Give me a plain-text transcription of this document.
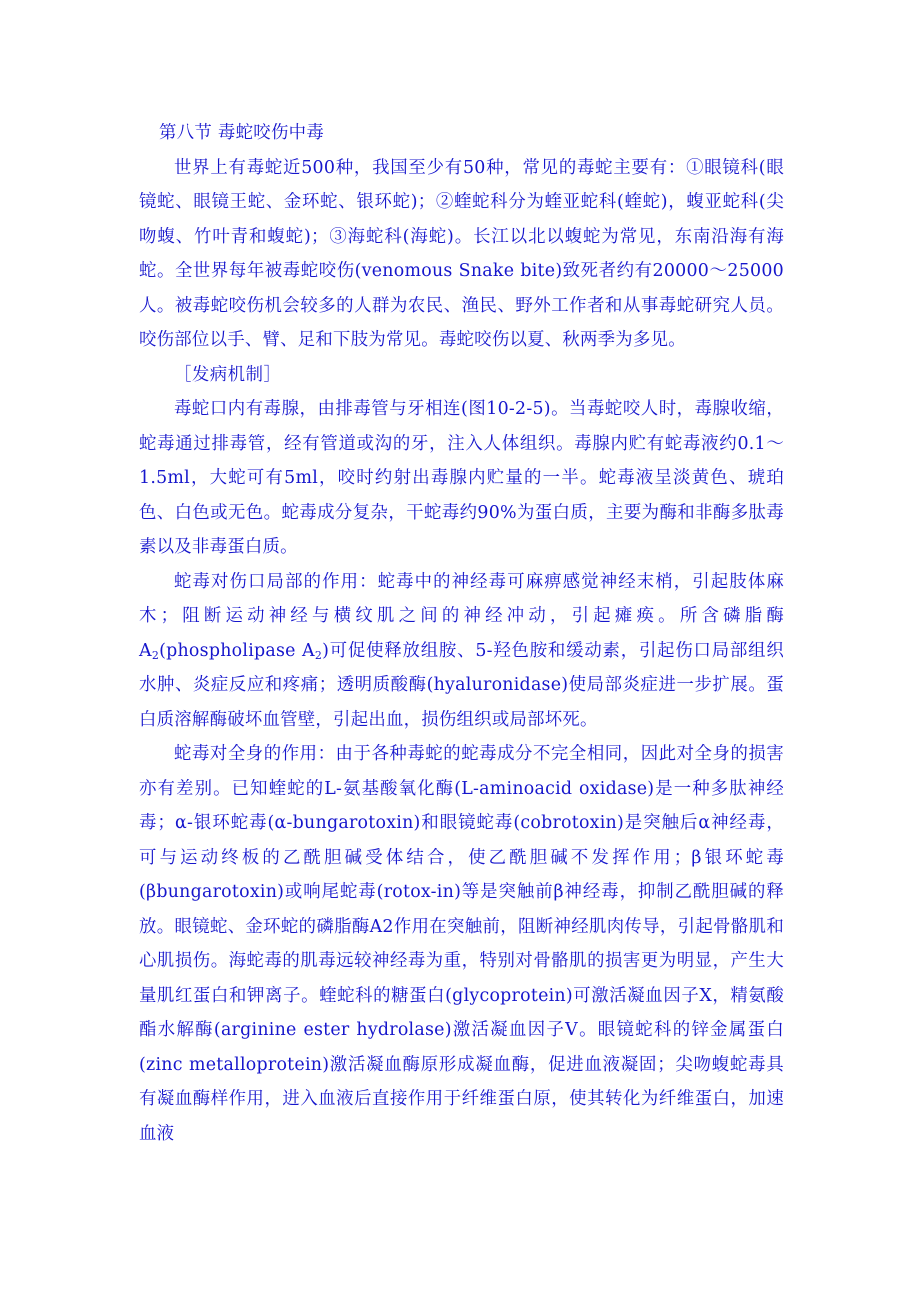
第八节 毒蛇咬伤中毒

世界上有毒蛇近500种，我国至少有50种，常见的毒蛇主要有：①眼镜科(眼镜蛇、眼镜王蛇、金环蛇、银环蛇)；②蝰蛇科分为蝰亚蛇科(蝰蛇)，蝮亚蛇科(尖吻蝮、竹叶青和蝮蛇)；③海蛇科(海蛇)。长江以北以蝮蛇为常见，东南沿海有海蛇。全世界每年被毒蛇咬伤(venomous Snake bite)致死者约有20000～25000人。被毒蛇咬伤机会较多的人群为农民、渔民、野外工作者和从事毒蛇研究人员。咬伤部位以手、臂、足和下肢为常见。毒蛇咬伤以夏、秋两季为多见。

［发病机制］

毒蛇口内有毒腺，由排毒管与牙相连(图10-2-5)。当毒蛇咬人时，毒腺收缩，蛇毒通过排毒管，经有管道或沟的牙，注入人体组织。毒腺内贮有蛇毒液约0.1～1.5ml，大蛇可有5ml，咬时约射出毒腺内贮量的一半。蛇毒液呈淡黄色、琥珀色、白色或无色。蛇毒成分复杂，干蛇毒约90%为蛋白质，主要为酶和非酶多肽毒素以及非毒蛋白质。

蛇毒对伤口局部的作用：蛇毒中的神经毒可麻痹感觉神经末梢，引起肢体麻木；阻断运动神经与横纹肌之间的神经冲动，引起瘫痪。所含磷脂酶$A_2(phospholipase$ $A_2$)可促使释放组胺、5-羟色胺和缓动素，引起伤口局部组织水肿、炎症反应和疼痛；透明质酸酶(hyaluronidase)使局部炎症进一步扩展。蛋白质溶解酶破坏血管壁，引起出血，损伤组织或局部坏死。

蛇毒对全身的作用：由于各种毒蛇的蛇毒成分不完全相同，因此对全身的损害亦有差别。已知蝰蛇的L-氨基酸氧化酶(L-aminoacid oxidase)是一种多肽神经毒；α-银环蛇毒(α-bungarotoxin)和眼镜蛇毒(cobrotoxin)是突触后α神经毒，可与运动终板的乙酰胆碱受体结合，使乙酰胆碱不发挥作用；β银环蛇毒(βbungarotoxin)或响尾蛇毒(rotox-in)等是突触前β神经毒，抑制乙酰胆碱的释放。眼镜蛇、金环蛇的磷脂酶A2作用在突触前，阻断神经肌肉传导，引起骨骼肌和心肌损伤。海蛇毒的肌毒远较神经毒为重，特别对骨骼肌的损害更为明显，产生大量肌红蛋白和钾离子。蝰蛇科的糖蛋白(glycoprotein)可激活凝血因子Ⅹ，精氨酸酯水解酶(arginine ester hydrolase)激活凝血因子Ⅴ。眼镜蛇科的锌金属蛋白(zinc metalloprotein)激活凝血酶原形成凝血酶，促进血液凝固；尖吻蝮蛇毒具有凝血酶样作用，进入血液后直接作用于纤维蛋白原，使其转化为纤维蛋白，加速血液
